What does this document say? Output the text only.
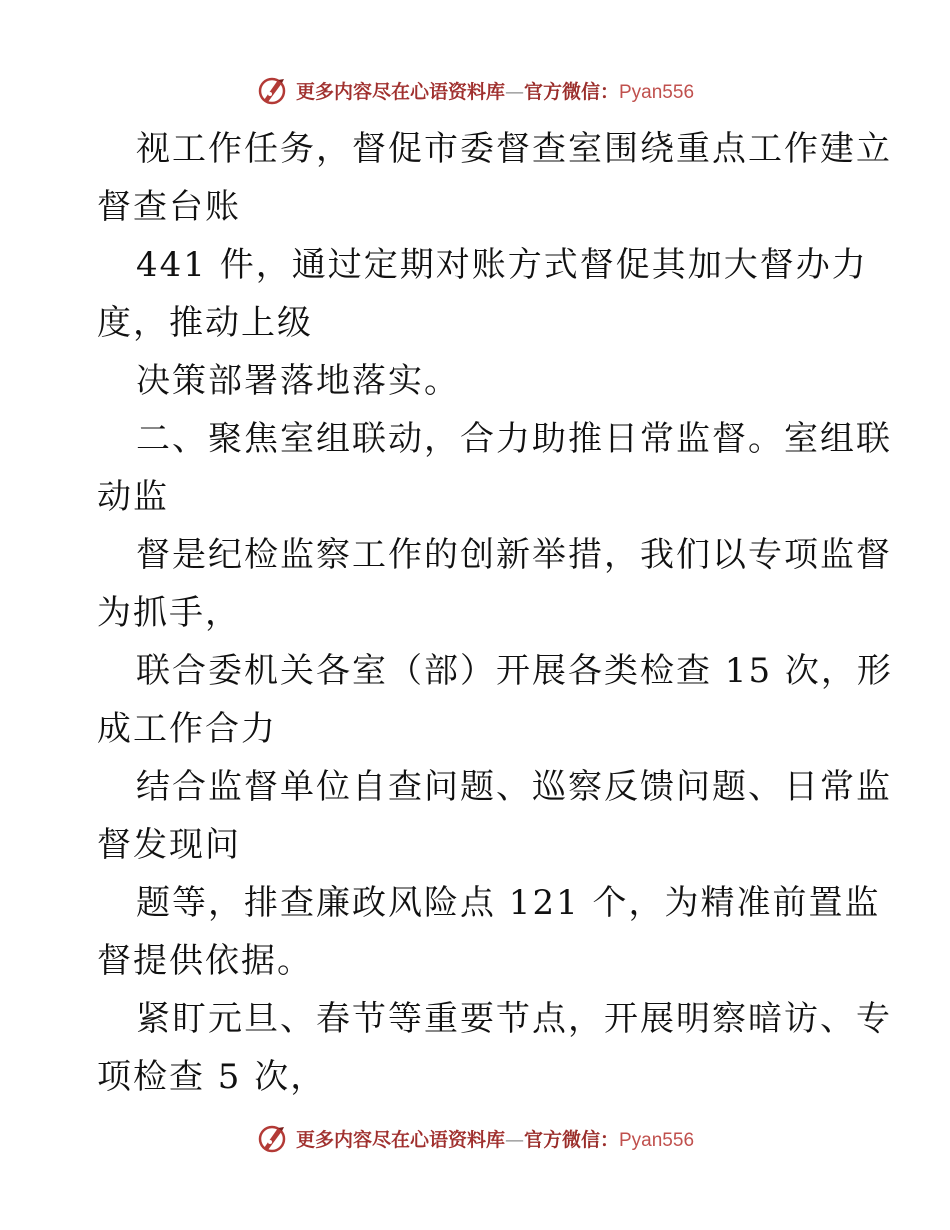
更多内容尽在心语资料库—官方微信：Pyan556
视工作任务，督促市委督查室围绕重点工作建立
督查台账
441 件，通过定期对账方式督促其加大督办力
度，推动上级
决策部署落地落实。
二、聚焦室组联动，合力助推日常监督。室组联
动监
督是纪检监察工作的创新举措，我们以专项监督
为抓手，
联合委机关各室（部）开展各类检查 15 次，形
成工作合力
结合监督单位自查问题、巡察反馈问题、日常监
督发现问
题等，排查廉政风险点 121 个，为精准前置监
督提供依据。
紧盯元旦、春节等重要节点，开展明察暗访、专
项检查 5 次，
更多内容尽在心语资料库—官方微信：Pyan556
